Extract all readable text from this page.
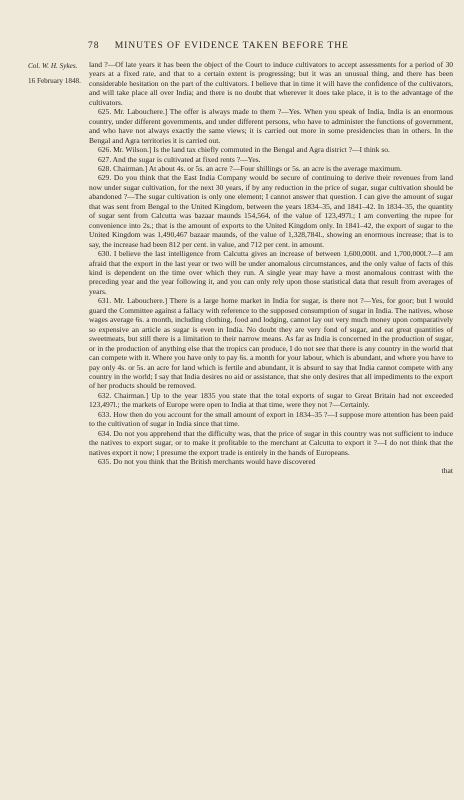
78 MINUTES OF EVIDENCE TAKEN BEFORE THE
Col. W. H. Sykes.
16 February 1848.

land ?—Of late years it has been the object of the Court to induce cultivators to accept assessments for a period of 30 years at a fixed rate, and that to a certain extent is progressing; but it was an unusual thing, and there has been considerable hesitation on the part of the cultivators. I believe that in time it will have the confidence of the cultivators, and will take place all over India; and there is no doubt that wherever it does take place, it is to the advantage of the cultivators.

625. Mr. Labouchere.] The offer is always made to them ?—Yes. When you speak of India, India is an enormous country, under different governments, and under different persons, who have to administer the functions of government, and who have not always exactly the same views; it is carried out more in some presidencies than in others. In the Bengal and Agra territories it is carried out.

626. Mr. Wilson.] Is the land tax chiefly commuted in the Bengal and Agra district ?—I think so.

627. And the sugar is cultivated at fixed rents ?—Yes.

628. Chairman.] At about 4s. or 5s. an acre ?—Four shillings or 5s. an acre is the average maximum.

629. Do you think that the East India Company would be secure of continuing to derive their revenues from land now under sugar cultivation, for the next 30 years, if by any reduction in the price of sugar, sugar cultivation should be abandoned ?—The sugar cultivation is only one element; I cannot answer that question. I can give the amount of sugar that was sent from Bengal to the United Kingdom, between the years 1834–35, and 1841–42. In 1834–35, the quantity of sugar sent from Calcutta was bazaar maunds 154,564, of the value of 123,497l.; I am converting the rupee for convenience into 2s.; that is the amount of exports to the United Kingdom only. In 1841–42, the export of sugar to the United Kingdom was 1,490,467 bazaar maunds, of the value of 1,328,784l., showing an enormous increase; that is to say, the increase had been 812 per cent. in value, and 712 per cent. in amount.

630. I believe the last intelligence from Calcutta gives an increase of between 1,600,000l. and 1,700,000l.?—I am afraid that the export in the last year or two will be under anomalous circumstances, and the only value of facts of this kind is dependent on the time over which they run. A single year may have a most anomalous contrast with the preceding year and the year following it, and you can only rely upon those statistical data that result from averages of years.

631. Mr. Labouchere.] There is a large home market in India for sugar, is there not ?—Yes, for goor; but I would guard the Committee against a fallacy with reference to the supposed consumption of sugar in India. The natives, whose wages average 6s. a month, including clothing, food and lodging, cannot lay out very much money upon comparatively so expensive an article as sugar is even in India. No doubt they are very fond of sugar, and eat great quantities of sweetmeats, but still there is a limitation to their narrow means. As far as India is concerned in the production of sugar, or in the production of anything else that the tropics can produce, I do not see that there is any country in the world that can compete with it. Where you have only to pay 6s. a month for your labour, which is abundant, and where you have to pay only 4s. or 5s. an acre for land which is fertile and abundant, it is absurd to say that India cannot compete with any country in the world; I say that India desires no aid or assistance, that she only desires that all impediments to the export of her products should be removed.

632. Chairman.] Up to the year 1835 you state that the total exports of sugar to Great Britain had not exceeded 123,497l.; the markets of Europe were open to India at that time, were they not ?—Certainly.

633. How then do you account for the small amount of export in 1834–35 ?—I suppose more attention has been paid to the cultivation of sugar in India since that time.

634. Do not you apprehend that the difficulty was, that the price of sugar in this country was not sufficient to induce the natives to export sugar, or to make it profitable to the merchant at Calcutta to export it ?—I do not think that the natives export it now; I presume the export trade is entirely in the hands of Europeans.

635. Do not you think that the British merchants would have discovered

that
